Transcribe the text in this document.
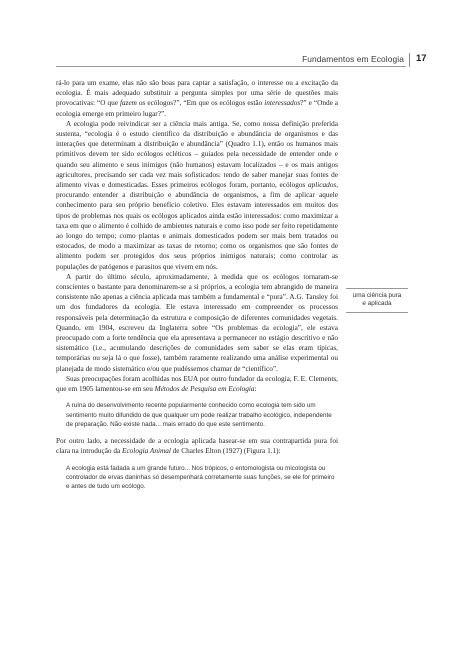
Fundamentos em Ecologia 17

rá-lo para um exame, elas não são boas para captar a satisfação, o interesse ou a excitação da ecologia. É mais adequado substituir a pergunta simples por uma série de questões mais provocativas: “O que fazem os ecólogos?”, “Em que os ecólogos estão interessados?” e “Onde a ecologia emerge em primeiro lugar?”.

A ecologia pode reivindicar ser a ciência mais antiga. Se, como nossa definição preferida sustenta, “ecologia é o estudo científico da distribuição e abundância de organismos e das interações que determinam a distribuição e abundância” (Quadro 1.1), então os humanos mais primitivos devem ter sido ecólogos ecléticos – guiados pela necessidade de entender onde e quando seu alimento e seus inimigos (não humanos) estavam localizados – e os mais antigos agricultores, precisando ser cada vez mais sofisticados: tendo de saber manejar suas fontes de alimento vivas e domesticadas. Esses primeiros ecólogos foram, portanto, ecólogos aplicados, procurando entender a distribuição e abundância de organismos, a fim de aplicar aquele conhecimento para seu próprio benefício coletivo. Eles estavam interessados em muitos dos tipos de problemas nos quais os ecólogos aplicados ainda estão interessados: como maximizar a taxa em que o alimento é colhido de ambientes naturais e como isso pode ser feito repetidamente ao longo do tempo; como plantas e animais domesticados podem ser mais bem tratados ou estocados, de modo a maximizar as taxas de retorno; como os organismos que são fontes de alimento podem ser protegidos dos seus próprios inimigos naturais; como controlar as populações de patógenos e parasitos que vivem em nós.

A partir do último século, aproximadamente, à medida que os ecólogos tornaram-se conscientes o bastante para denominarem-se a si próprios, a ecologia tem abrangido de maneira consistente não apenas a ciência aplicada mas também a fundamental e “pura”. A.G. Tansley foi um dos fundadores da ecologia. Ele estava interessado em compreender os processos responsáveis pela determinação da estrutura e composição de diferentes comunidades vegetais. Quando, em 1904, escreveu da Inglaterra sobre “Os problemas da ecologia”, ele estava preocupado com a forte tendência que ela apresentava a permanecer no estágio descritivo e não sistemático (i.e., acumulando descrições de comunidades sem saber se elas eram típicas, temporárias ou seja lá o que fosse), também raramente realizando uma análise experimental ou planejada de modo sistemático e/ou que pudéssemos chamar de “científico”.

Suas preocupações foram acolhidas nos EUA por outro fundador da ecologia, F. E. Clements, que em 1905 lamentou-se em seu Métodos de Pesquisa em Ecologia:

A ruína do desenvolvimento recente popularmente conhecido como ecologia tem sido um sentimento muito difundido de que qualquer um pode realizar trabalho ecológico, independente de preparação. Não existe nada... mais errado do que este sentimento.

Por outro lado, a necessidade de a ecologia aplicada basear-se em sua contrapartida pura foi clara na introdução da Ecologia Animal de Charles Elton (1927) (Figura 1.1):

A ecologia está fadada a um grande futuro... Nos trópicos, o entomologista ou micologista ou controlador de ervas daninhas só desempenhará corretamente suas funções, se ele for primeiro e antes de tudo um ecólogo.

uma ciência pura
e aplicada
